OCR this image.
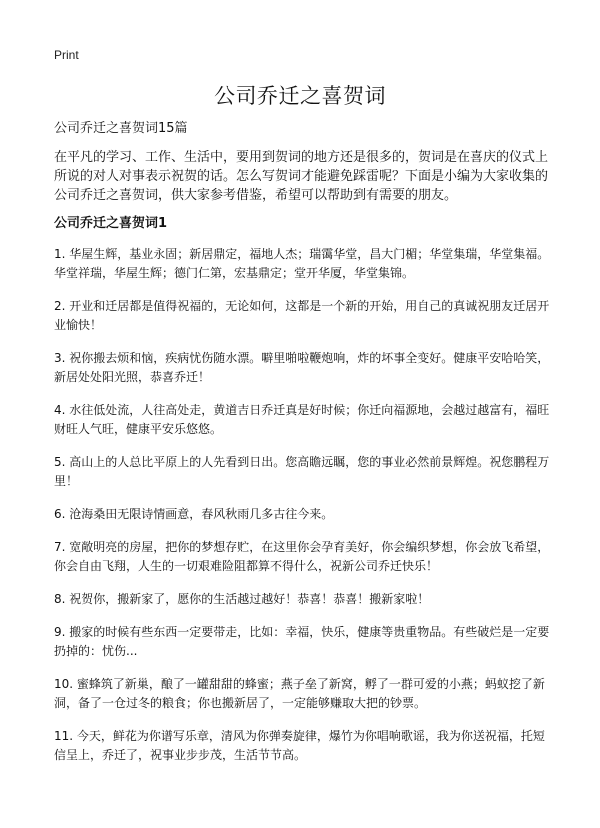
Print
公司乔迁之喜贺词

公司乔迁之喜贺词15篇

在平凡的学习、工作、生活中，要用到贺词的地方还是很多的，贺词是在喜庆的仪式上所说的对人对事表示祝贺的话。怎么写贺词才能避免踩雷呢？下面是小编为大家收集的公司乔迁之喜贺词，供大家参考借鉴，希望可以帮助到有需要的朋友。

公司乔迁之喜贺词1

1. 华屋生辉，基业永固；新居鼎定，福地人杰；瑞霭华堂，昌大门楣；华堂集瑞，华堂集福。华堂祥瑞，华屋生辉；德门仁第，宏基鼎定；堂开华厦，华堂集锦。

2. 开业和迁居都是值得祝福的，无论如何，这都是一个新的开始，用自己的真诚祝朋友迁居开业愉快！

3. 祝你搬去烦和恼，疾病忧伤随水漂。噼里啪啦鞭炮响，炸的坏事全变好。健康平安哈哈笑，新居处处阳光照，恭喜乔迁！

4. 水往低处流，人往高处走，黄道吉日乔迁真是好时候；你迁向福源地，会越过越富有，福旺财旺人气旺，健康平安乐悠悠。

5. 高山上的人总比平原上的人先看到日出。您高瞻远瞩，您的事业必然前景辉煌。祝您鹏程万里！

6. 沧海桑田无限诗情画意，春风秋雨几多古往今来。

7. 宽敞明亮的房屋，把你的梦想存贮，在这里你会孕育美好，你会编织梦想，你会放飞希望，你会自由飞翔，人生的一切艰难险阻都算不得什么，祝新公司乔迁快乐！

8. 祝贺你，搬新家了，愿你的生活越过越好！恭喜！恭喜！搬新家啦！

9. 搬家的时候有些东西一定要带走，比如：幸福，快乐，健康等贵重物品。有些破烂是一定要扔掉的：忧伤...

10. 蜜蜂筑了新巢，酿了一罐甜甜的蜂蜜；燕子垒了新窝，孵了一群可爱的小燕；蚂蚁挖了新洞，备了一仓过冬的粮食；你也搬新居了，一定能够赚取大把的钞票。

11. 今天，鲜花为你谱写乐章，清风为你弹奏旋律，爆竹为你唱响歌谣，我为你送祝福，托短信呈上，乔迁了，祝事业步步茂，生活节节高。
